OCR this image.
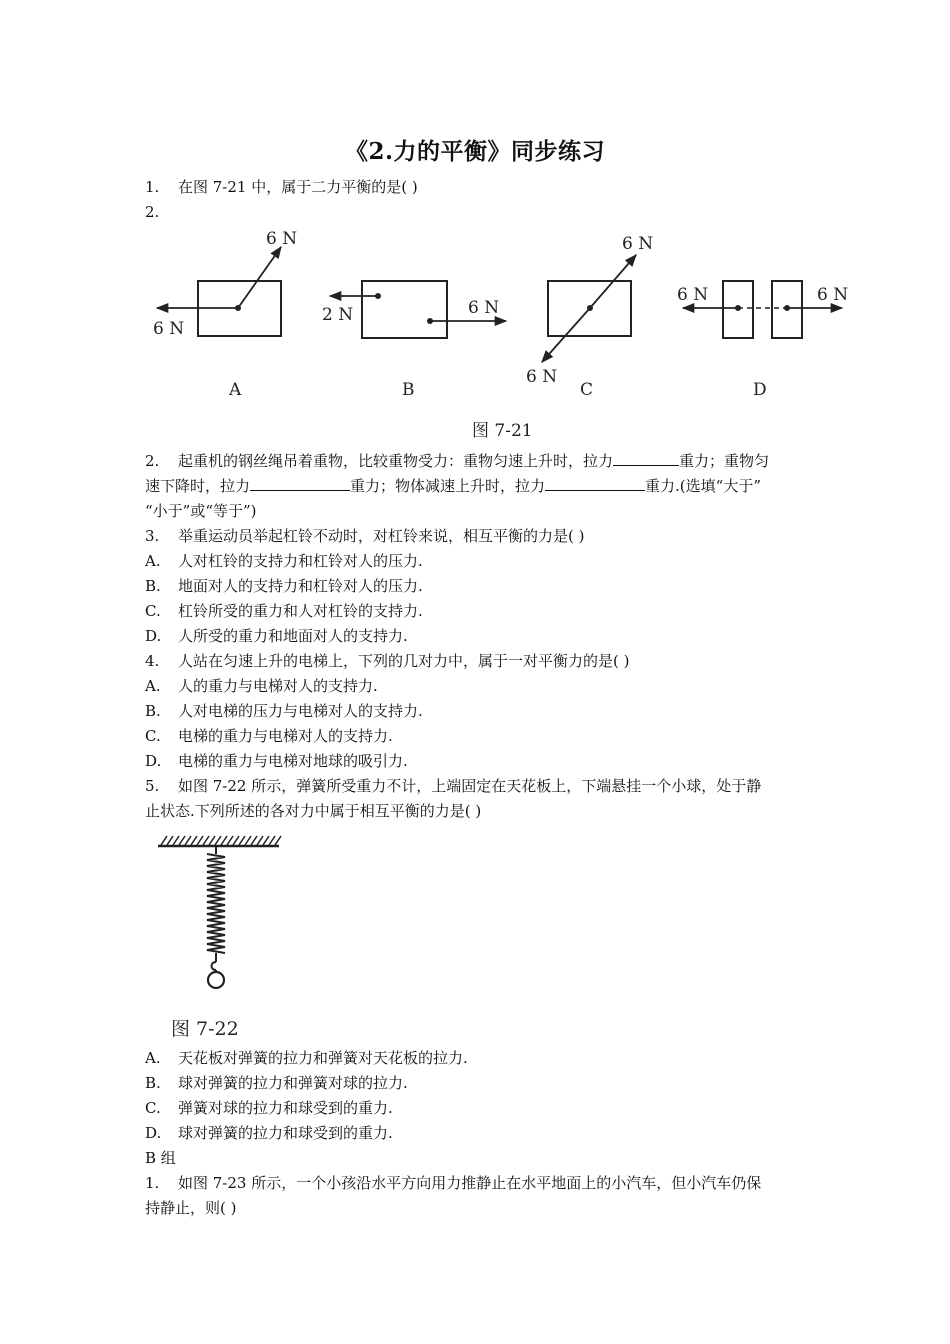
《2.力的平衡》同步练习
1. 在图 7-21 中，属于二力平衡的是( )
2.
6 N
6 N
A
2 N	6 N
B
6 N
6 N
C
6 N	6 N
D
图 7-21
2. 起重机的钢丝绳吊着重物，比较重物受力：重物匀速上升时，拉力	重力；重物匀
速下降时，拉力	重力；物体减速上升时，拉力	重力.(选填“大于”
“小于”或“等于”)
3. 举重运动员举起杠铃不动时，对杠铃来说，相互平衡的力是( )
A. 人对杠铃的支持力和杠铃对人的压力.
B. 地面对人的支持力和杠铃对人的压力.
C. 杠铃所受的重力和人对杠铃的支持力.
D. 人所受的重力和地面对人的支持力.
4. 人站在匀速上升的电梯上，下列的几对力中，属于一对平衡力的是( )
A. 人的重力与电梯对人的支持力.
B. 人对电梯的压力与电梯对人的支持力.
C. 电梯的重力与电梯对人的支持力.
D. 电梯的重力与电梯对地球的吸引力.
5. 如图 7-22 所示，弹簧所受重力不计，上端固定在天花板上，下端悬挂一个小球，处于静
止状态.下列所述的各对力中属于相互平衡的力是( )
图 7-22
A. 天花板对弹簧的拉力和弹簧对天花板的拉力.
B. 球对弹簧的拉力和弹簧对球的拉力.
C. 弹簧对球的拉力和球受到的重力.
D. 球对弹簧的拉力和球受到的重力.
B 组
1. 如图 7-23 所示，一个小孩沿水平方向用力推静止在水平地面上的小汽车，但小汽车仍保
持静止，则( )
